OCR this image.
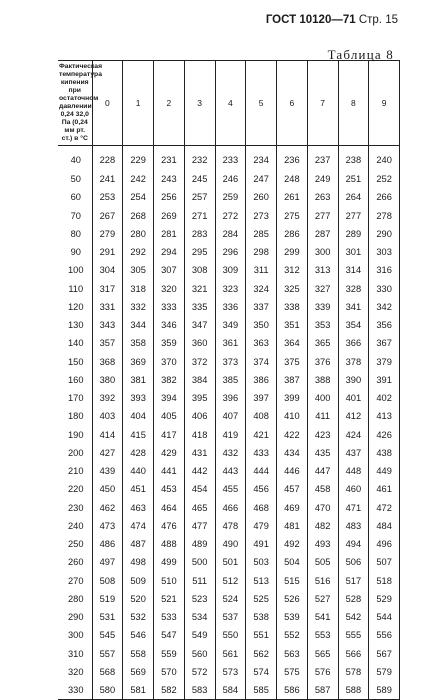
ГОСТ 10120—71 Стр. 15
Таблица 8
Фактическая температура кипения при остаточном давлении 0,24 32,0 Па (0,24 мм рт. ст.) в °С	0	1	2	3	4	5	6	7	8	9
40	228	229	231	232	233	234	236	237	238	240
50	241	242	243	245	246	247	248	249	251	252
60	253	254	256	257	259	260	261	263	264	266
70	267	268	269	271	272	273	275	277	277	278
80	279	280	281	283	284	285	286	287	289	290
90	291	292	294	295	296	298	299	300	301	303
100	304	305	307	308	309	311	312	313	314	316
110	317	318	320	321	323	324	325	327	328	330
120	331	332	333	335	336	337	338	339	341	342
130	343	344	346	347	349	350	351	353	354	356
140	357	358	359	360	361	363	364	365	366	367
150	368	369	370	372	373	374	375	376	378	379
160	380	381	382	384	385	386	387	388	390	391
170	392	393	394	395	396	397	399	400	401	402
180	403	404	405	406	407	408	410	411	412	413
190	414	415	417	418	419	421	422	423	424	426
200	427	428	429	431	432	433	434	435	437	438
210	439	440	441	442	443	444	446	447	448	449
220	450	451	453	454	455	456	457	458	460	461
230	462	463	464	465	466	468	469	470	471	472
240	473	474	476	477	478	479	481	482	483	484
250	486	487	488	489	490	491	492	493	494	496
260	497	498	499	500	501	503	504	505	506	507
270	508	509	510	511	512	513	515	516	517	518
280	519	520	521	523	524	525	526	527	528	529
290	531	532	533	534	537	538	539	541	542	544
300	545	546	547	549	550	551	552	553	555	556
310	557	558	559	560	561	562	563	565	566	567
320	568	569	570	572	573	574	575	576	578	579
330	580	581	582	583	584	585	586	587	588	589
